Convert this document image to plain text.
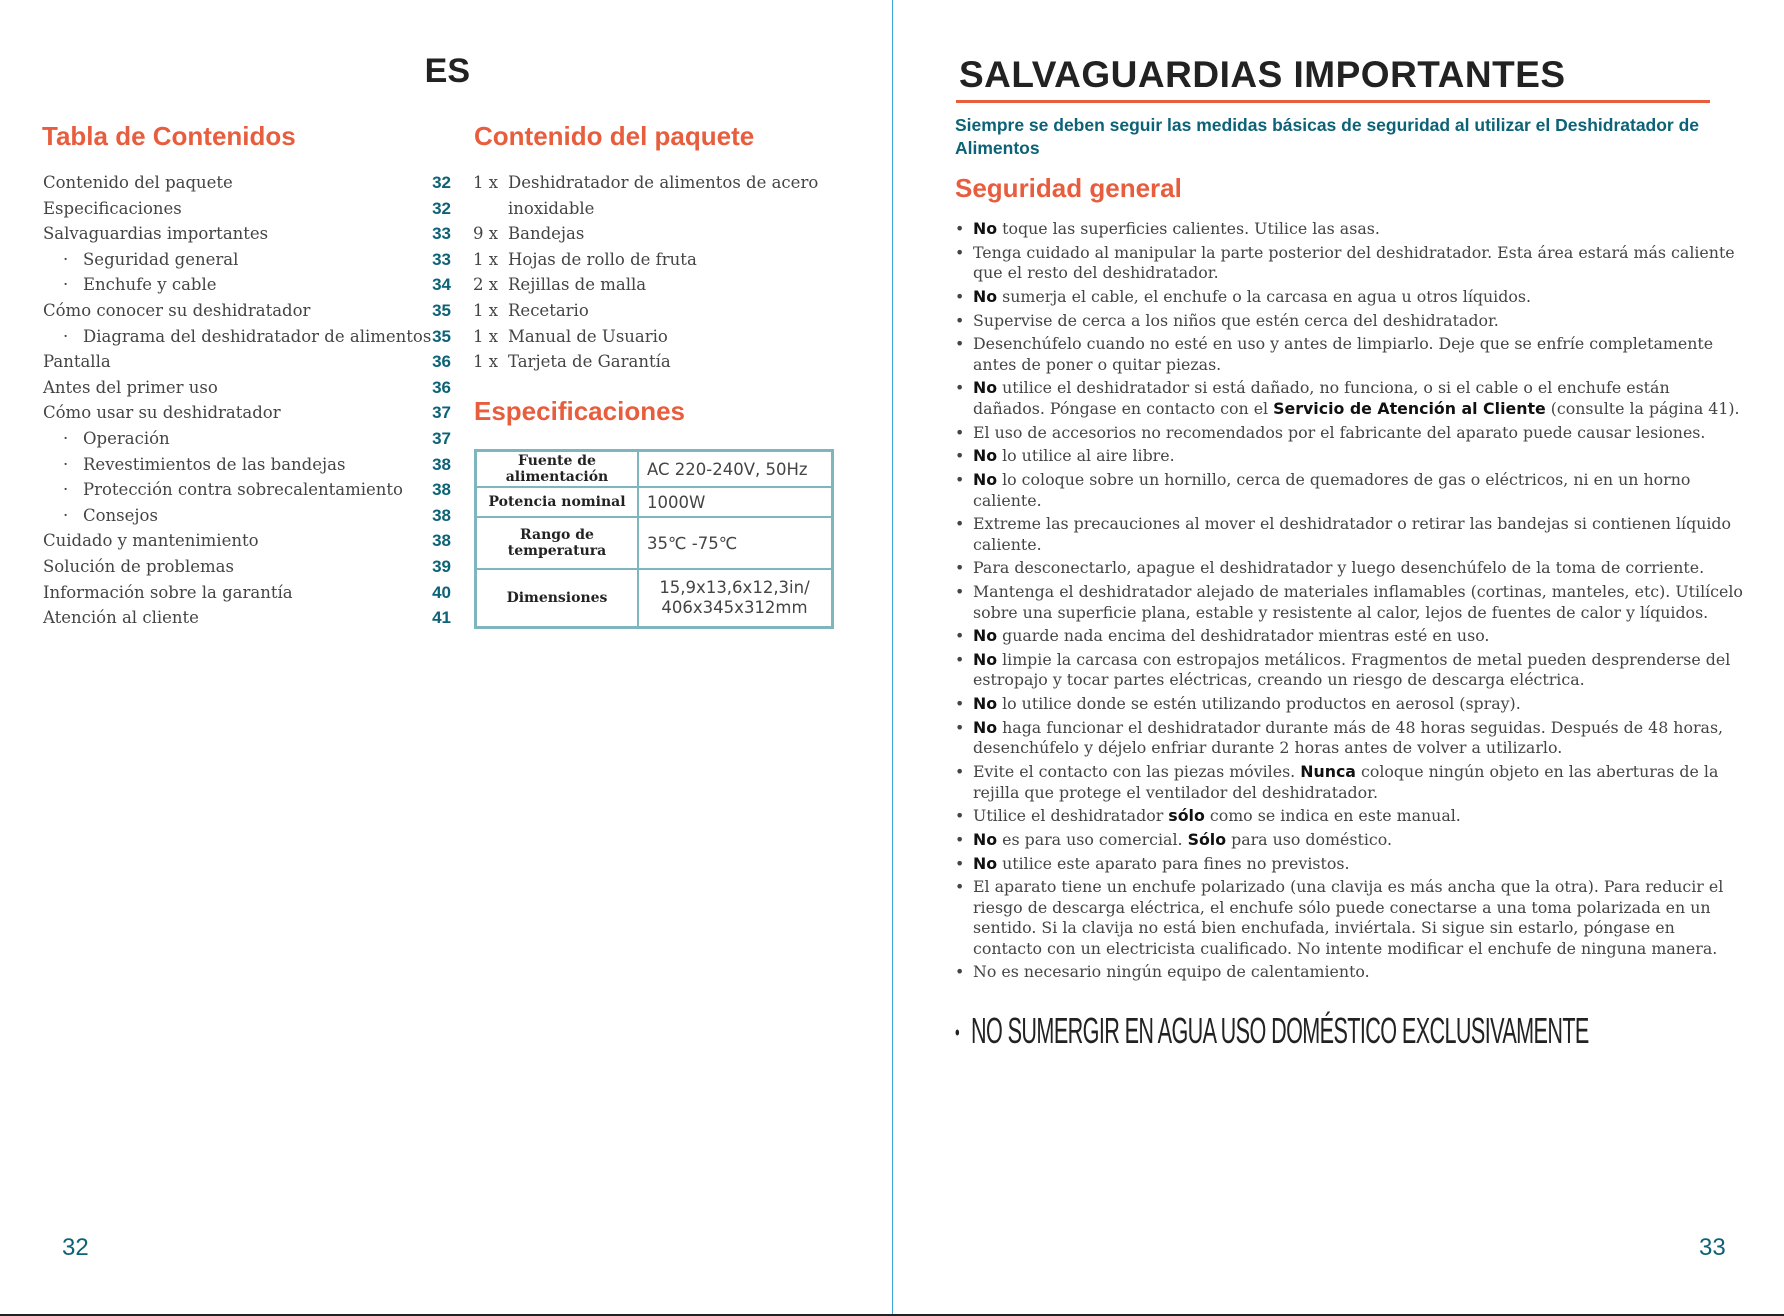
ES
Tabla de Contenidos
Contenido del paquete	32
Especificaciones	32
Salvaguardias importantes	33
· Seguridad general	33
· Enchufe y cable	34
Cómo conocer su deshidratador	35
· Diagrama del deshidratador de alimentos 35
Pantalla	36
Antes del primer uso	36
Cómo usar su deshidratador	37
· Operación	37
· Revestimientos de las bandejas	38
· Protección contra sobrecalentamiento 38
· Consejos	38
Cuidado y mantenimiento	38
Solución de problemas	39
Información sobre la garantía	40
Atención al cliente	41
Contenido del paquete
1 x Deshidratador de alimentos de acero
inoxidable
9 x Bandejas
1 x Hojas de rollo de fruta
2 x Rejillas de malla
1 x Recetario
1 x Manual de Usuario
1 x Tarjeta de Garantía
Especificaciones
Fuente de alimentación	AC 220-240V, 50Hz
Potencia nominal	1000W
Rango de temperatura	35℃ -75℃
Dimensiones	15,9x13,6x12,3in/ 406x345x312mm
32
SALVAGUARDIAS IMPORTANTES
Siempre se deben seguir las medidas básicas de seguridad al utilizar el Deshidratador de Alimentos
Seguridad general
• No toque las superficies calientes. Utilice las asas.
• Tenga cuidado al manipular la parte posterior del deshidratador. Esta área estará más caliente que el resto del deshidratador.
• No sumerja el cable, el enchufe o la carcasa en agua u otros líquidos.
• Supervise de cerca a los niños que estén cerca del deshidratador.
• Desenchúfelo cuando no esté en uso y antes de limpiarlo. Deje que se enfríe completamente antes de poner o quitar piezas.
• No utilice el deshidratador si está dañado, no funciona, o si el cable o el enchufe están dañados. Póngase en contacto con el Servicio de Atención al Cliente (consulte la página 41).
• El uso de accesorios no recomendados por el fabricante del aparato puede causar lesiones.
• No lo utilice al aire libre.
• No lo coloque sobre un hornillo, cerca de quemadores de gas o eléctricos, ni en un horno caliente.
• Extreme las precauciones al mover el deshidratador o retirar las bandejas si contienen líquido caliente.
• Para desconectarlo, apague el deshidratador y luego desenchúfelo de la toma de corriente.
• Mantenga el deshidratador alejado de materiales inflamables (cortinas, manteles, etc). Utilícelo sobre una superficie plana, estable y resistente al calor, lejos de fuentes de calor y líquidos.
• No guarde nada encima del deshidratador mientras esté en uso.
• No limpie la carcasa con estropajos metálicos. Fragmentos de metal pueden desprenderse del estropajo y tocar partes eléctricas, creando un riesgo de descarga eléctrica.
• No lo utilice donde se estén utilizando productos en aerosol (spray).
• No haga funcionar el deshidratador durante más de 48 horas seguidas. Después de 48 horas, desenchúfelo y déjelo enfriar durante 2 horas antes de volver a utilizarlo.
• Evite el contacto con las piezas móviles. Nunca coloque ningún objeto en las aberturas de la rejilla que protege el ventilador del deshidratador.
• Utilice el deshidratador sólo como se indica en este manual.
• No es para uso comercial. Sólo para uso doméstico.
• No utilice este aparato para fines no previstos.
• El aparato tiene un enchufe polarizado (una clavija es más ancha que la otra). Para reducir el riesgo de descarga eléctrica, el enchufe sólo puede conectarse a una toma polarizada en un sentido. Si la clavija no está bien enchufada, inviértala. Si sigue sin estarlo, póngase en contacto con un electricista cualificado. No intente modificar el enchufe de ninguna manera.
• No es necesario ningún equipo de calentamiento.
• NO SUMERGIR EN AGUA USO DOMÉSTICO EXCLUSIVAMENTE
33
